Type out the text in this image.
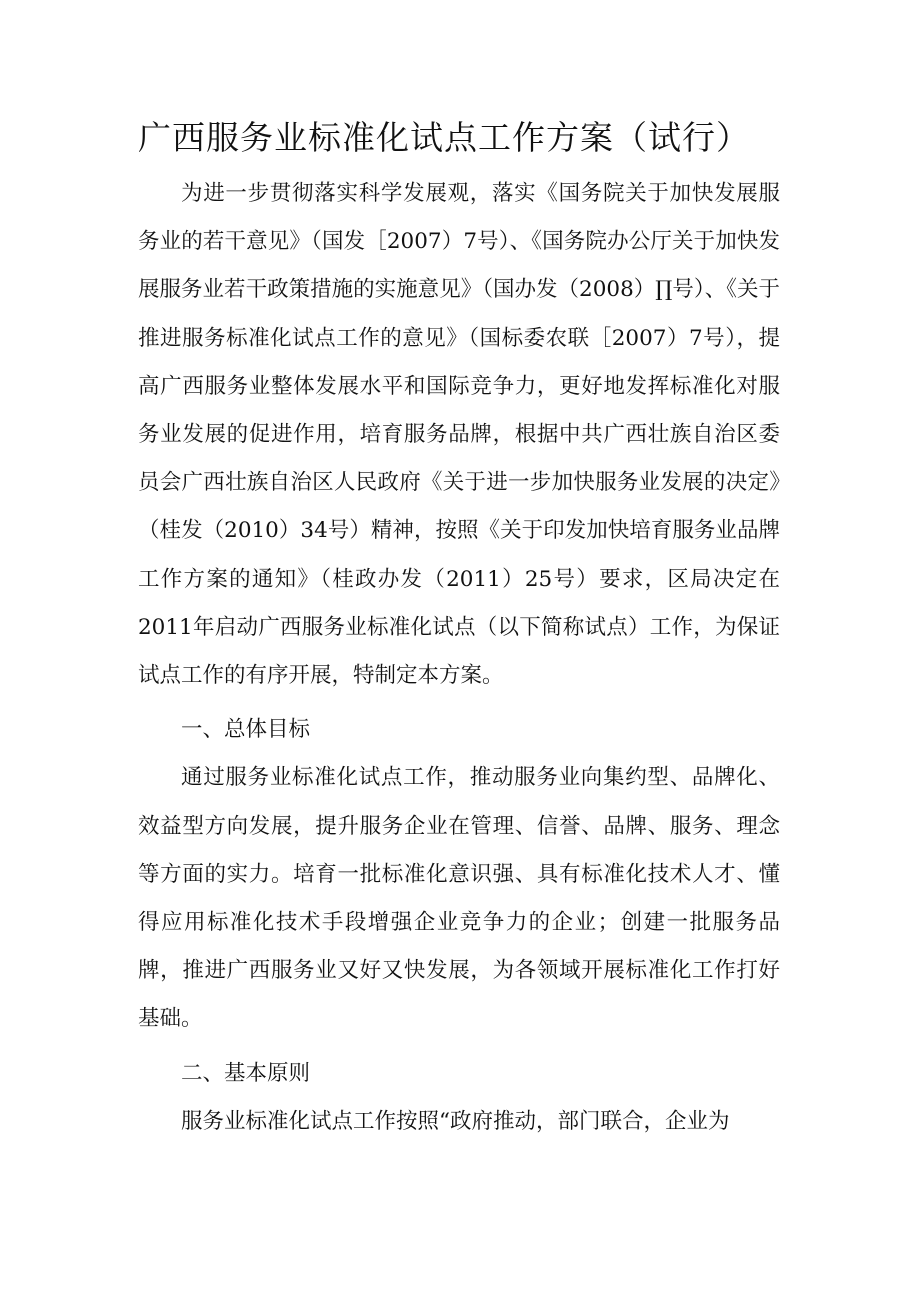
广西服务业标准化试点工作方案（试行）

为进一步贯彻落实科学发展观，落实《国务院关于加快发展服务业的若干意见》（国发［2007）7号）、《国务院办公厅关于加快发展服务业若干政策措施的实施意见》（国办发（2008）∏号）、《关于推进服务标准化试点工作的意见》（国标委农联［2007）7号），提高广西服务业整体发展水平和国际竞争力，更好地发挥标准化对服务业发展的促进作用，培育服务品牌，根据中共广西壮族自治区委员会广西壮族自治区人民政府《关于进一步加快服务业发展的决定》（桂发（2010）34号）精神，按照《关于印发加快培育服务业品牌工作方案的通知》（桂政办发（2011）25号）要求，区局决定在2011年启动广西服务业标准化试点（以下简称试点）工作，为保证试点工作的有序开展，特制定本方案。

一、总体目标

通过服务业标准化试点工作，推动服务业向集约型、品牌化、效益型方向发展，提升服务企业在管理、信誉、品牌、服务、理念等方面的实力。培育一批标准化意识强、具有标准化技术人才、懂得应用标准化技术手段增强企业竞争力的企业；创建一批服务品牌，推进广西服务业又好又快发展，为各领域开展标准化工作打好基础。

二、基本原则

服务业标准化试点工作按照“政府推动，部门联合，企业为
